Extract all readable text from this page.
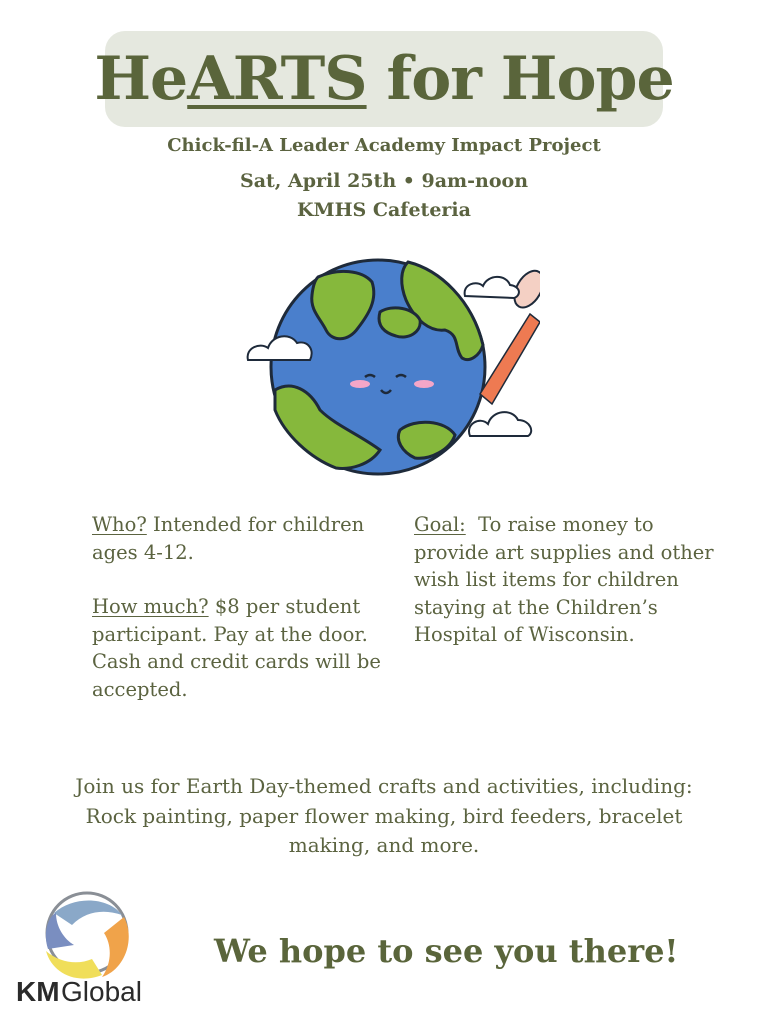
HeARTS for Hope
Chick-fil-A Leader Academy Impact Project
Sat, April 25th • 9am-noon
KMHS Cafeteria

Who? Intended for children ages 4-12.

How much? $8 per student participant. Pay at the door. Cash and credit cards will be accepted.

Goal:  To raise money to provide art supplies and other wish list items for children staying at the Children’s Hospital of Wisconsin.

Join us for Earth Day-themed crafts and activities, including: Rock painting, paper flower making, bird feeders, bracelet making, and more.
KM Global
We hope to see you there!
